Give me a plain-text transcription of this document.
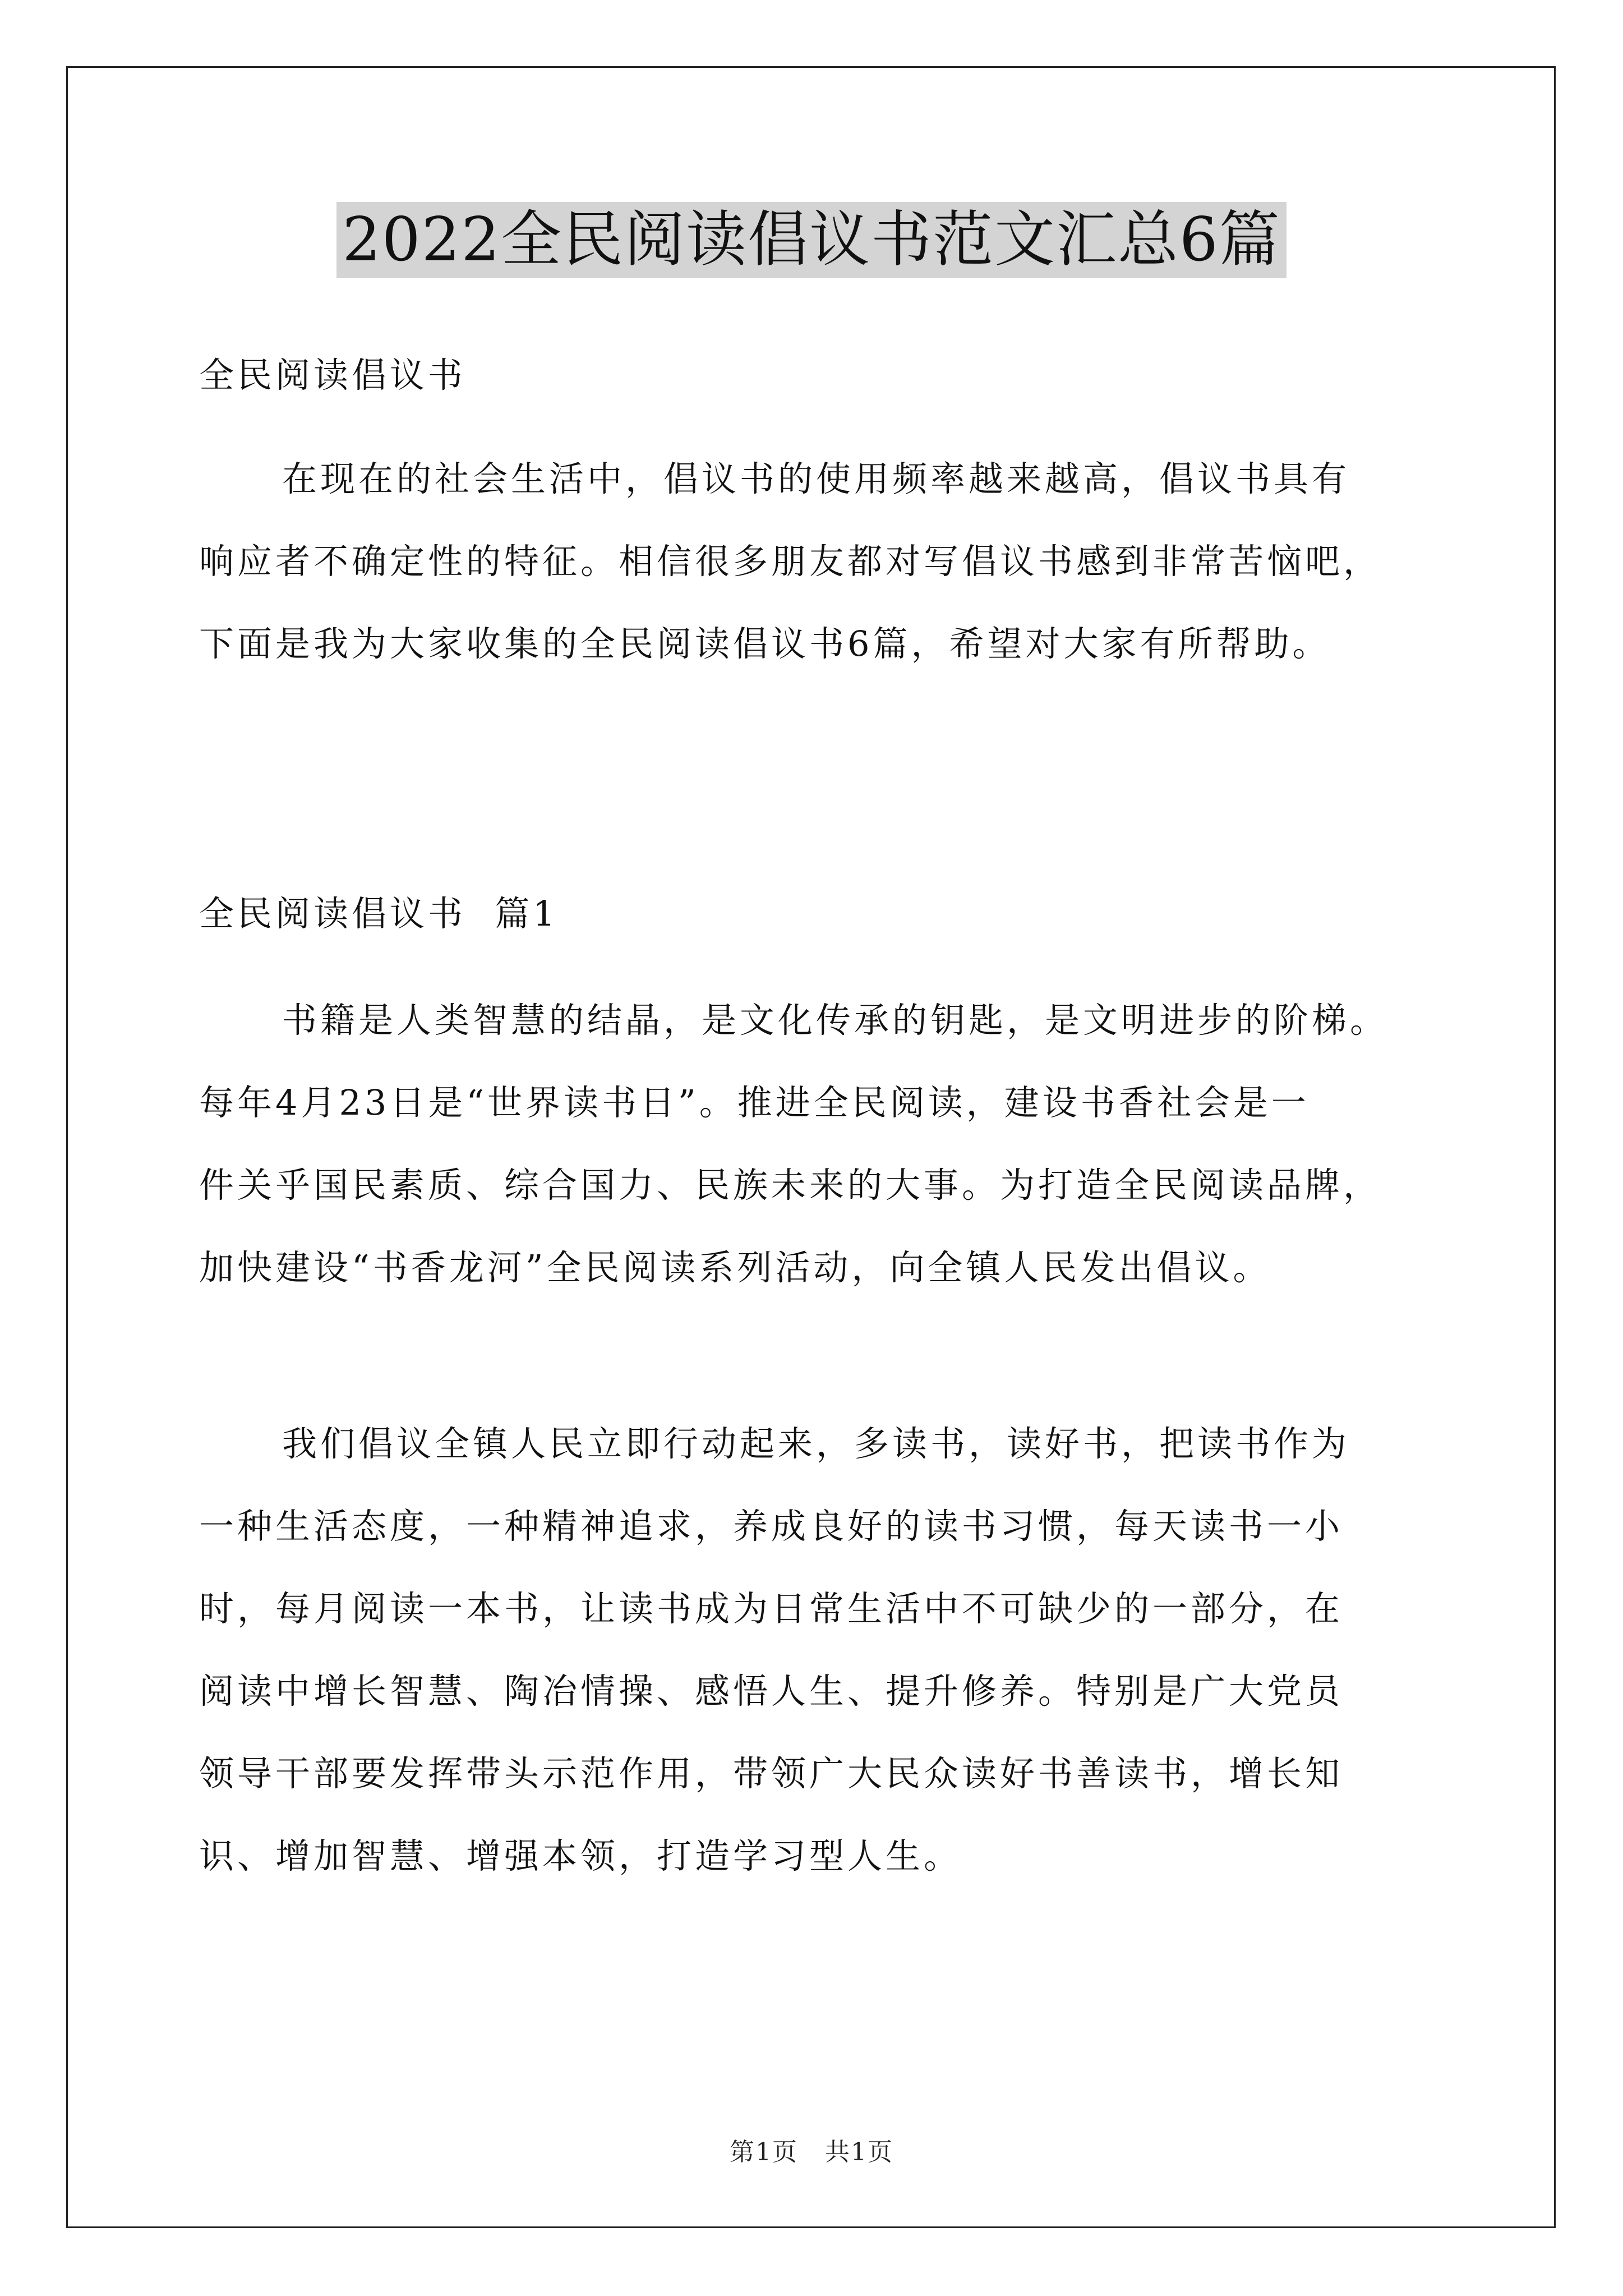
2022全民阅读倡议书范文汇总6篇
全民阅读倡议书
在现在的社会生活中，倡议书的使用频率越来越高，倡议书具有
响应者不确定性的特征。相信很多朋友都对写倡议书感到非常苦恼吧，
下面是我为大家收集的全民阅读倡议书6篇，希望对大家有所帮助。
全民阅读倡议书  篇1
书籍是人类智慧的结晶，是文化传承的钥匙，是文明进步的阶梯。
每年4月23日是“世界读书日”。推进全民阅读，建设书香社会是一
件关乎国民素质、综合国力、民族未来的大事。为打造全民阅读品牌，
加快建设“书香龙河”全民阅读系列活动，向全镇人民发出倡议。
我们倡议全镇人民立即行动起来，多读书，读好书，把读书作为
一种生活态度，一种精神追求，养成良好的读书习惯，每天读书一小
时，每月阅读一本书，让读书成为日常生活中不可缺少的一部分，在
阅读中增长智慧、陶冶情操、感悟人生、提升修养。特别是广大党员
领导干部要发挥带头示范作用，带领广大民众读好书善读书，增长知
识、增加智慧、增强本领，打造学习型人生。
第1页   共1页
